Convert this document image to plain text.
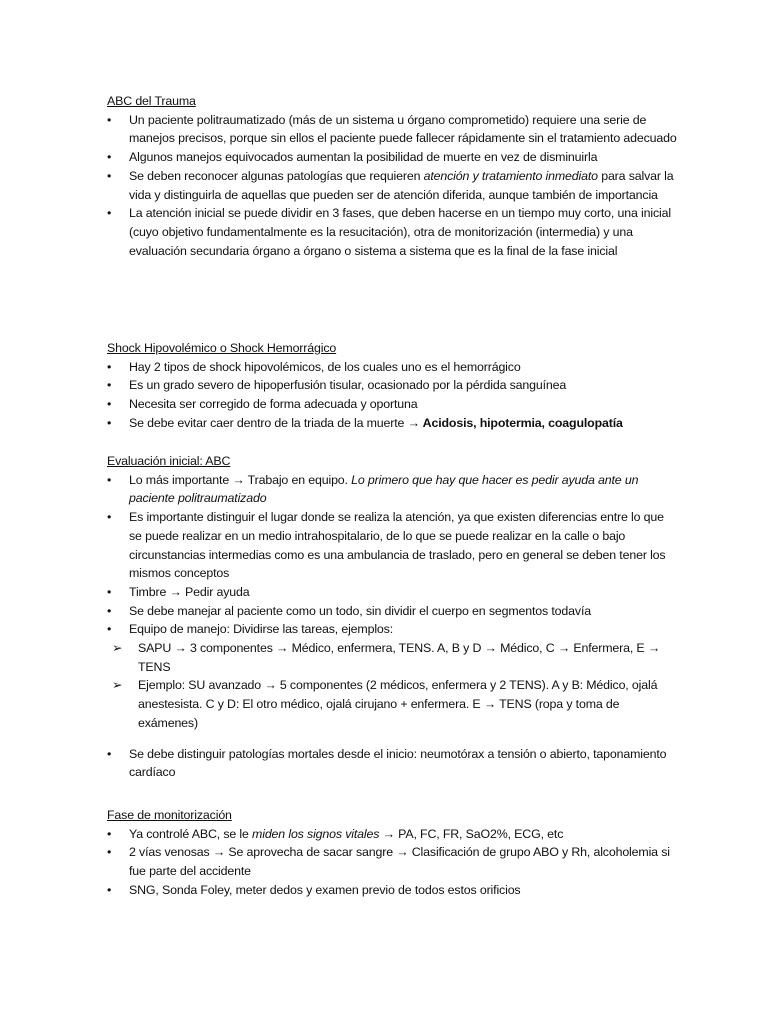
ABC del Trauma

•	Un paciente politraumatizado (más de un sistema u órgano comprometido) requiere una serie de manejos precisos, porque sin ellos el paciente puede fallecer rápidamente sin el tratamiento adecuado

•	Algunos manejos equivocados aumentan la posibilidad de muerte en vez de disminuirla

•	Se deben reconocer algunas patologías que requieren atención y tratamiento inmediato para salvar la vida y distinguirla de aquellas que pueden ser de atención diferida, aunque también de importancia

•	La atención inicial se puede dividir en 3 fases, que deben hacerse en un tiempo muy corto, una inicial (cuyo objetivo fundamentalmente es la resucitación), otra de monitorización (intermedia) y una evaluación secundaria órgano a órgano o sistema a sistema que es la final de la fase inicial

Shock Hipovolémico o Shock Hemorrágico

•	Hay 2 tipos de shock hipovolémicos, de los cuales uno es el hemorrágico

•	Es un grado severo de hipoperfusión tisular, ocasionado por la pérdida sanguínea

•	Necesita ser corregido de forma adecuada y oportuna

•	Se debe evitar caer dentro de la triada de la muerte → Acidosis, hipotermia, coagulopatía

Evaluación inicial: ABC

•	Lo más importante → Trabajo en equipo. Lo primero que hay que hacer es pedir ayuda ante un paciente politraumatizado

•	Es importante distinguir el lugar donde se realiza la atención, ya que existen diferencias entre lo que se puede realizar en un medio intrahospitalario, de lo que se puede realizar en la calle o bajo circunstancias intermedias como es una ambulancia de traslado, pero en general se deben tener los mismos conceptos

•	Timbre → Pedir ayuda

•	Se debe manejar al paciente como un todo, sin dividir el cuerpo en segmentos todavía

•	Equipo de manejo: Dividirse las tareas, ejemplos:

➢ SAPU → 3 componentes → Médico, enfermera, TENS. A, B y D → Médico, C → Enfermera, E → TENS

➢ Ejemplo: SU avanzado → 5 componentes (2 médicos, enfermera y 2 TENS). A y B: Médico, ojalá anestesista. C y D: El otro médico, ojalá cirujano + enfermera. E → TENS (ropa y toma de exámenes)

•	Se debe distinguir patologías mortales desde el inicio: neumotórax a tensión o abierto, taponamiento cardíaco

Fase de monitorización

•	Ya controlé ABC, se le miden los signos vitales → PA, FC, FR, SaO2%, ECG, etc

•	2 vías venosas → Se aprovecha de sacar sangre → Clasificación de grupo ABO y Rh, alcoholemia si fue parte del accidente

•	SNG, Sonda Foley, meter dedos y examen previo de todos estos orificios
